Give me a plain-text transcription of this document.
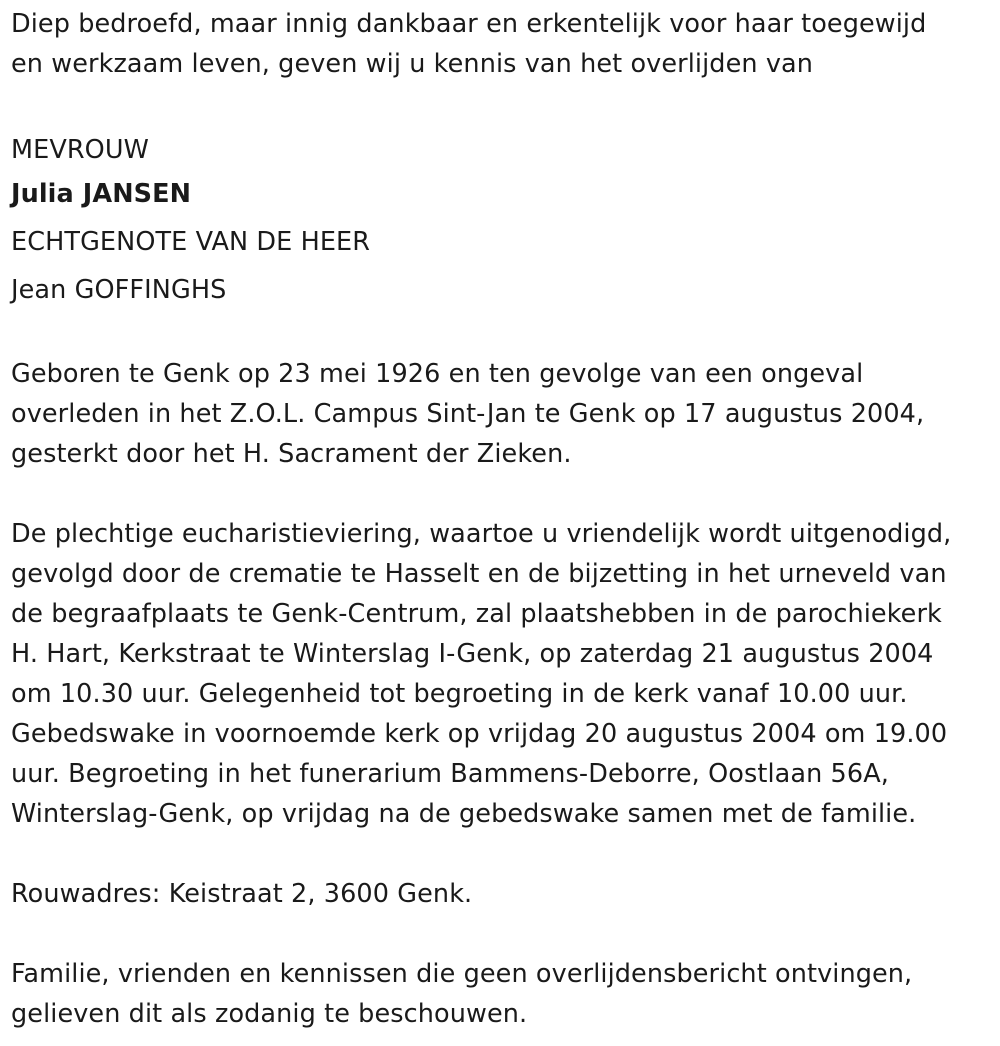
Diep bedroefd, maar innig dankbaar en erkentelijk voor haar toegewijd
en werkzaam leven, geven wij u kennis van het overlijden van

MEVROUW
Julia JANSEN
ECHTGENOTE VAN DE HEER
Jean GOFFINGHS

Geboren te Genk op 23 mei 1926 en ten gevolge van een ongeval
overleden in het Z.O.L. Campus Sint-Jan te Genk op 17 augustus 2004,
gesterkt door het H. Sacrament der Zieken.

De plechtige eucharistieviering, waartoe u vriendelijk wordt uitgenodigd,
gevolgd door de crematie te Hasselt en de bijzetting in het urneveld van
de begraafplaats te Genk-Centrum, zal plaatshebben in de parochiekerk
H. Hart, Kerkstraat te Winterslag I-Genk, op zaterdag 21 augustus 2004
om 10.30 uur. Gelegenheid tot begroeting in de kerk vanaf 10.00 uur.
Gebedswake in voornoemde kerk op vrijdag 20 augustus 2004 om 19.00
uur. Begroeting in het funerarium Bammens-Deborre, Oostlaan 56A,
Winterslag-Genk, op vrijdag na de gebedswake samen met de familie.

Rouwadres: Keistraat 2, 3600 Genk.

Familie, vrienden en kennissen die geen overlijdensbericht ontvingen,
gelieven dit als zodanig te beschouwen.
